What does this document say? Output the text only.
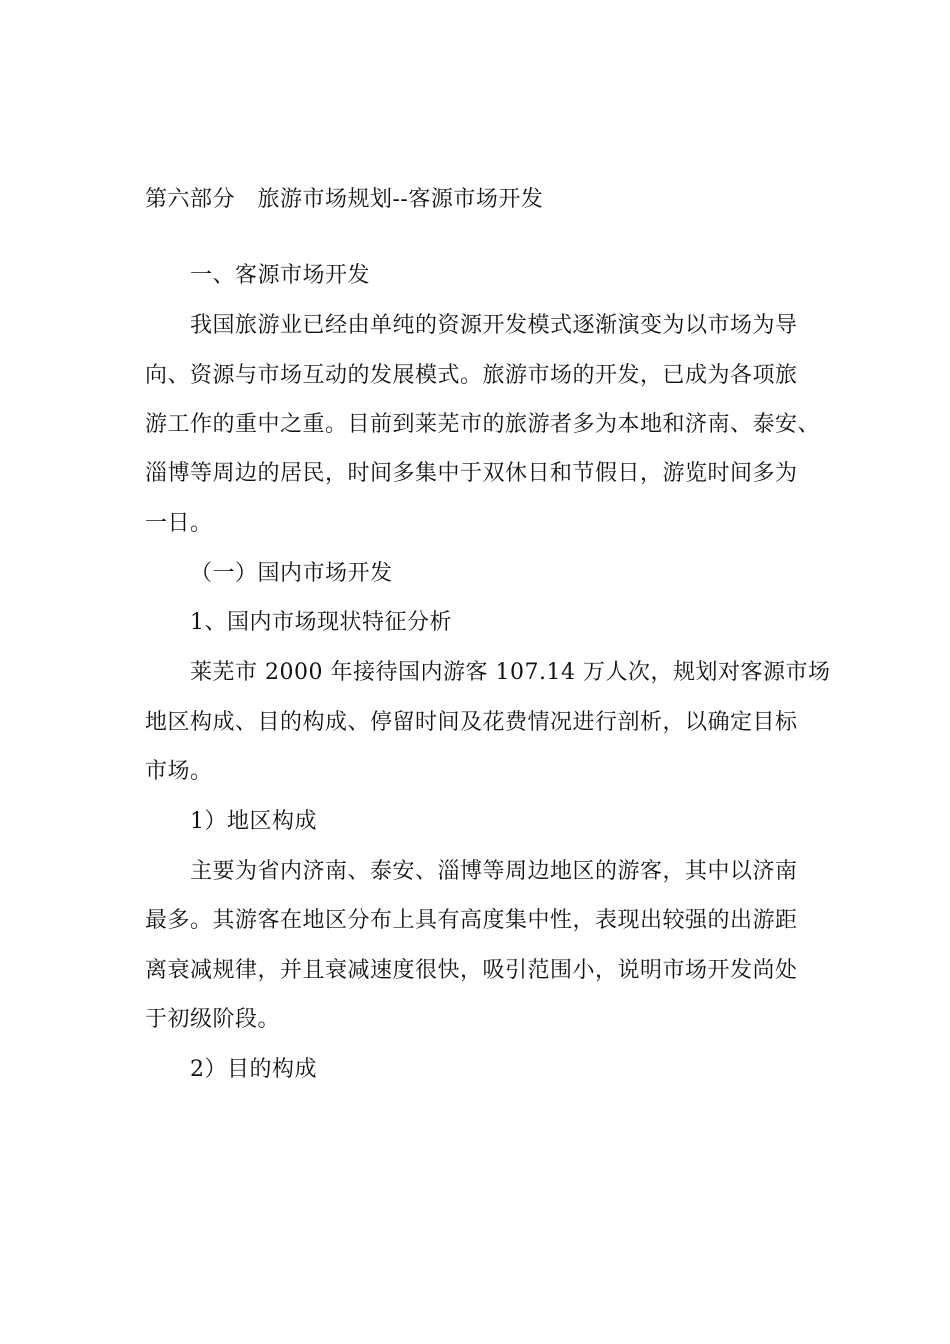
第六部分　旅游市场规划--客源市场开发
一、客源市场开发
我国旅游业已经由单纯的资源开发模式逐渐演变为以市场为导
向、资源与市场互动的发展模式。旅游市场的开发，已成为各项旅
游工作的重中之重。目前到莱芜市的旅游者多为本地和济南、泰安、
淄博等周边的居民，时间多集中于双休日和节假日，游览时间多为
一日。
（一）国内市场开发
1、国内市场现状特征分析
莱芜市 2000 年接待国内游客 107.14 万人次，规划对客源市场
地区构成、目的构成、停留时间及花费情况进行剖析，以确定目标
市场。
1）地区构成
主要为省内济南、泰安、淄博等周边地区的游客，其中以济南
最多。其游客在地区分布上具有高度集中性，表现出较强的出游距
离衰减规律，并且衰减速度很快，吸引范围小，说明市场开发尚处
于初级阶段。
2）目的构成
